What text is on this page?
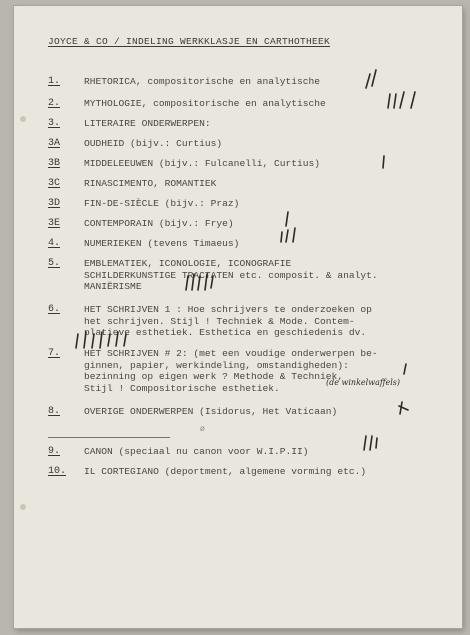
JOYCE & CO / INDELING WERKKLASJE EN CARTHOTHEEK
1.	RHETORICA, compositorische en analytische
2.	MYTHOLOGIE, compositorische en analytische
3.	LITERAIRE ONDERWERPEN:
3A	OUDHEID (bijv.: Curtius)
3B	MIDDELEEUWEN (bijv.: Fulcanelli, Curtius)
3C	RINASCIMENTO, ROMANTIEK
3D	FIN-DE-SIÈCLE (bijv.: Praz)
3E	CONTEMPORAIN (bijv.: Frye)
4.	NUMERIEKEN (tevens Timaeus)
5.	EMBLEMATIEK, ICONOLOGIE, ICONOGRAFIE
SCHILDERKUNSTIGE TRACTATEN etc. composit. & analyt.
MANIËRISME
6.	HET SCHRIJVEN 1 : Hoe schrijvers te onderzoeken op
het schrijven. Stijl ! Techniek & Mode. Contem-
platieve esthetiek. Esthetica en geschiedenis dv.
7.	HET SCHRIJVEN # 2: (met een voudige onderwerpen be-
ginnen, papier, werkindeling, omstandigheden):
bezinning op eigen werk ? Methode & Techniek,
Stijl ! Compositorische esthetiek.
8.	OVERIGE ONDERWERPEN (Isidorus, Het Vaticaan)
9.	CANON (speciaal nu canon voor W.I.P.II)
10.	IL CORTEGIANO (deportment, algemene vorming etc.)
ø
(de winkelwaffels)
